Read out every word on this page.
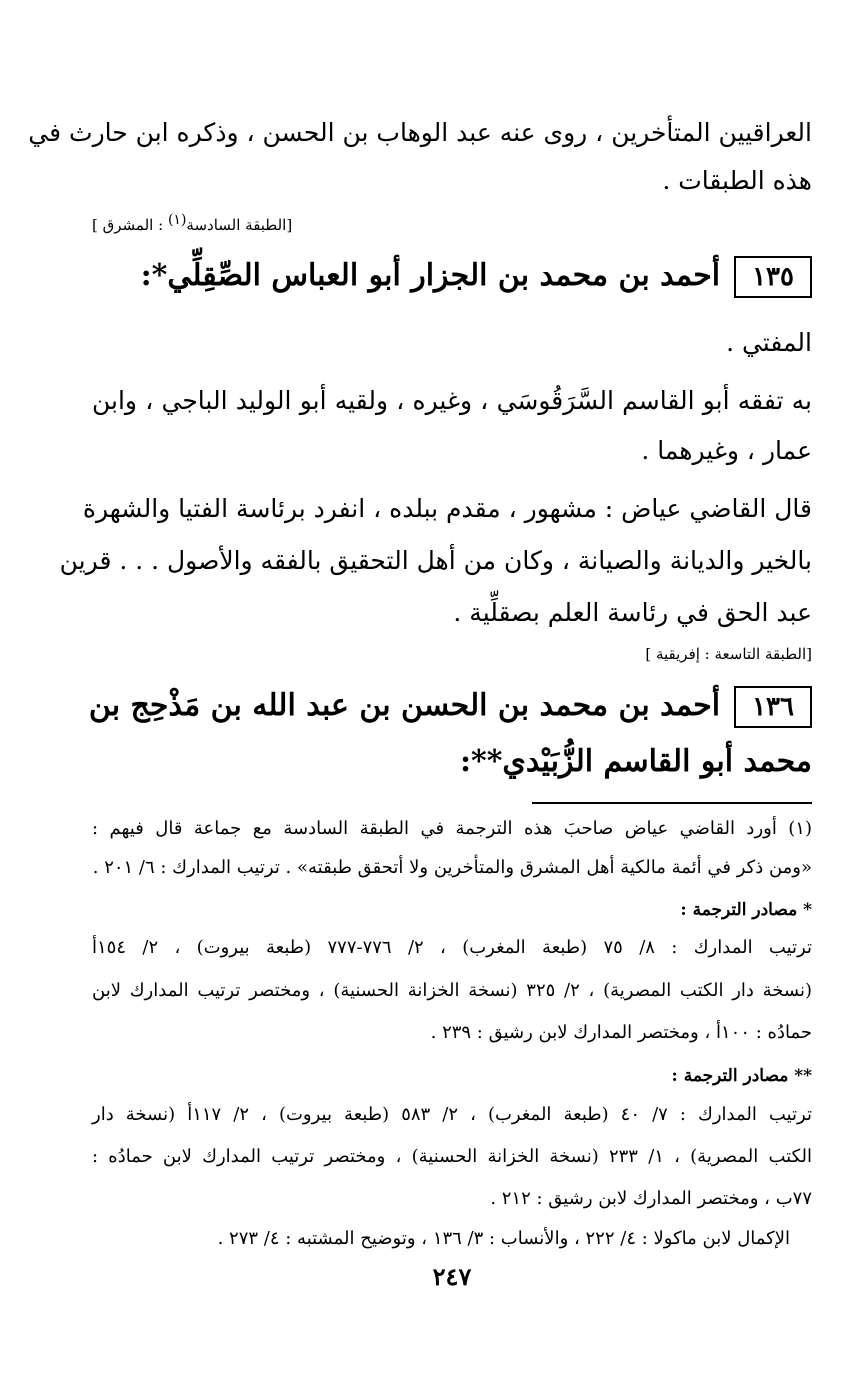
العراقيين المتأخرين ، روى عنه عبد الوهاب بن الحسن ، وذكره ابن حارث في
هذه الطبقات .
[الطبقة السادسة$^{(١)}$ : المشرق ]
١٣٥أحمد بن محمد بن الجزار أبو العباس الصِّقِلِّي*:
المفتي .
به تفقه أبو القاسم السَّرَقُوسَي ، وغيره ، ولقيه أبو الوليد الباجي ، وابن
عمار ، وغيرهما .
قال القاضي عياض : مشهور ، مقدم ببلده ، انفرد برئاسة الفتيا والشهرة
بالخير والديانة والصيانة ، وكان من أهل التحقيق بالفقه والأصول . . . قرين
عبد الحق في رئاسة العلم بصقلِّية .
[الطبقة التاسعة : إفريقية ]
١٣٦أحمد بن محمد بن الحسن بن عبد الله بن مَذْحِج بن
محمد أبو القاسم الزُّبَيْدي**:
(١) أورد القاضي عياض صاحبَ هذه الترجمة في الطبقة السادسة مع جماعة قال فيهم :
«ومن ذكر في أئمة مالكية أهل المشرق والمتأخرين ولا أتحقق طبقته» . ترتيب المدارك : ٦/ ٢٠١ .
* مصادر الترجمة :
ترتيب المدارك : ٨/ ٧٥ (طبعة المغرب) ، ٢/ ٧٧٦-٧٧٧ (طبعة بيروت) ، ٢/ ١٥٤أ
(نسخة دار الكتب المصرية) ، ٢/ ٣٢٥ (نسخة الخزانة الحسنية) ، ومختصر ترتيب المدارك لابن
حمادُه : ١٠٠أ ، ومختصر المدارك لابن رشيق : ٢٣٩ .
** مصادر الترجمة :
ترتيب المدارك : ٧/ ٤٠ (طبعة المغرب) ، ٢/ ٥٨٣ (طبعة بيروت) ، ٢/ ١١٧أ (نسخة دار
الكتب المصرية) ، ١/ ٢٣٣ (نسخة الخزانة الحسنية) ، ومختصر ترتيب المدارك لابن حمادُه :
٧٧ب ، ومختصر المدارك لابن رشيق : ٢١٢ .
الإكمال لابن ماكولا : ٤/ ٢٢٢ ، والأنساب : ٣/ ١٣٦ ، وتوضيح المشتبه : ٤/ ٢٧٣ .
٢٤٧
